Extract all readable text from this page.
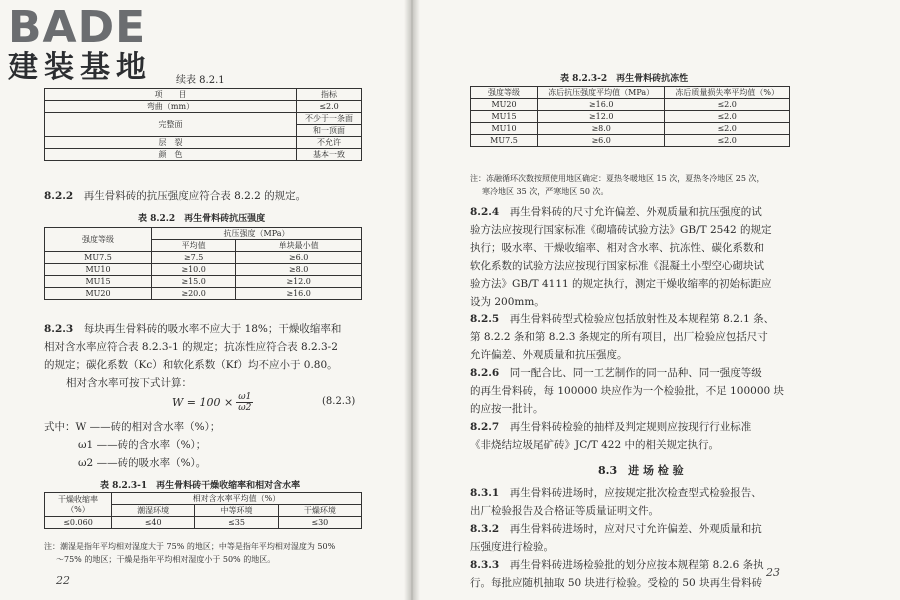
BADE
建装基地 续表 8.2.1
项　　目	指标
弯曲（mm）	≤2.0
完整面	不少于一条面
	和一顶面
层　裂	不允许
颜　色	基本一致
8.2.2　 再生骨料砖的抗压强度应符合表 8.2.2 的规定。
表 8.2.2　再生骨料砖抗压强度
强度等级	抗压强度（MPa）	
	平均值	单块最小值
MU7.5	≥7.5	≥6.0
MU10	≥10.0	≥8.0
MU15	≥15.0	≥12.0
MU20	≥20.0	≥16.0
8.2.3　 每块再生骨料砖的吸水率不应大于 18%；干燥收缩率和
相对含水率应符合表 8.2.3-1 的规定；抗冻性应符合表 8.2.3-2
的规定；碳化系数（Kc）和软化系数（Kf）均不应小于 0.80。
相对含水率可按下式计算：
$W = 100 \times \frac{\omega 1}{\omega 2}$	(8.2.3)
式中：W ——砖的相对含水率（%）；
ω1 ——砖的含水率（%）；
ω2 ——砖的吸水率（%）。
表 8.2.3-1　再生骨料砖干燥收缩率和相对含水率
干燥收缩率
（%）	相对含水率平均值（%）		
	潮湿环境	中等环境	干燥环境
≤0.060	≤40	≤35	≤30
注：潮湿是指年平均相对湿度大于 75% 的地区；中等是指年平均相对湿度为 50%
～75% 的地区；干燥是指年平均相对湿度小于 50% 的地区。
22
表 8.2.3-2　再生骨料砖抗冻性
强度等级	冻后抗压强度平均值（MPa）	冻后质量损失率平均值（%）
MU20	≥16.0	≤2.0
MU15	≥12.0	≤2.0
MU10	≥8.0	≤2.0
MU7.5	≥6.0	≤2.0
注：冻融循环次数按照使用地区确定：夏热冬暖地区 15 次，夏热冬冷地区 25 次，
寒冷地区 35 次，严寒地区 50 次。
8.2.4　 再生骨料砖的尺寸允许偏差、外观质量和抗压强度的试
验方法应按现行国家标准《砌墙砖试验方法》GB/T 2542 的规定
执行；吸水率、干燥收缩率、相对含水率、抗冻性、碳化系数和
软化系数的试验方法应按现行国家标准《混凝土小型空心砌块试
验方法》GB/T 4111 的规定执行，测定干燥收缩率的初始标距应
设为 200mm。
8.2.5　 再生骨料砖型式检验应包括放射性及本规程第 8.2.1 条、
第 8.2.2 条和第 8.2.3 条规定的所有项目，出厂检验应包括尺寸
允许偏差、外观质量和抗压强度。
8.2.6　 同一配合比、同一工艺制作的同一品种、同一强度等级
的再生骨料砖，每 100000 块应作为一个检验批，不足 100000 块
的应按一批计。
8.2.7　 再生骨料砖检验的抽样及判定规则应按现行行业标准
《非烧结垃圾尾矿砖》JC/T 422 中的相关规定执行。
8.3　进 场 检 验
8.3.1　 再生骨料砖进场时，应按规定批次检查型式检验报告、
出厂检验报告及合格证等质量证明文件。
8.3.2　 再生骨料砖进场时，应对尺寸允许偏差、外观质量和抗
压强度进行检验。
8.3.3　 再生骨料砖进场检验批的划分应按本规程第 8.2.6 条执
行。每批应随机抽取 50 块进行检验。受检的 50 块再生骨料砖
23
